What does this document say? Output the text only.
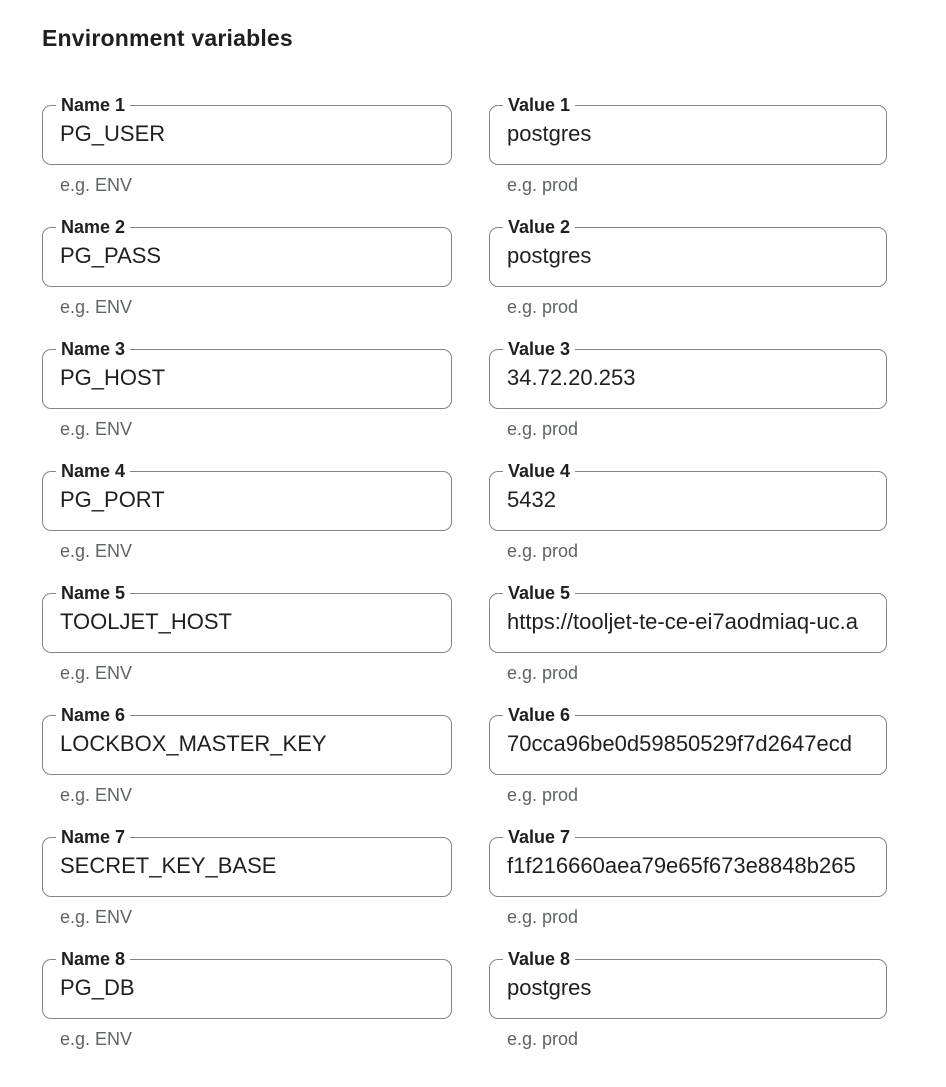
Environment variables
Name 1
PG_USER
e.g. ENV
Value 1
postgres
e.g. prod
Name 2
PG_PASS
e.g. ENV
Value 2
postgres
e.g. prod
Name 3
PG_HOST
e.g. ENV
Value 3
34.72.20.253
e.g. prod
Name 4
PG_PORT
e.g. ENV
Value 4
5432
e.g. prod
Name 5
TOOLJET_HOST
e.g. ENV
Value 5
https://tooljet-te-ce-ei7aodmiaq-uc.a
e.g. prod
Name 6
LOCKBOX_MASTER_KEY
e.g. ENV
Value 6
70cca96be0d59850529f7d2647ecd
e.g. prod
Name 7
SECRET_KEY_BASE
e.g. ENV
Value 7
f1f216660aea79e65f673e8848b265
e.g. prod
Name 8
PG_DB
e.g. ENV
Value 8
postgres
e.g. prod
